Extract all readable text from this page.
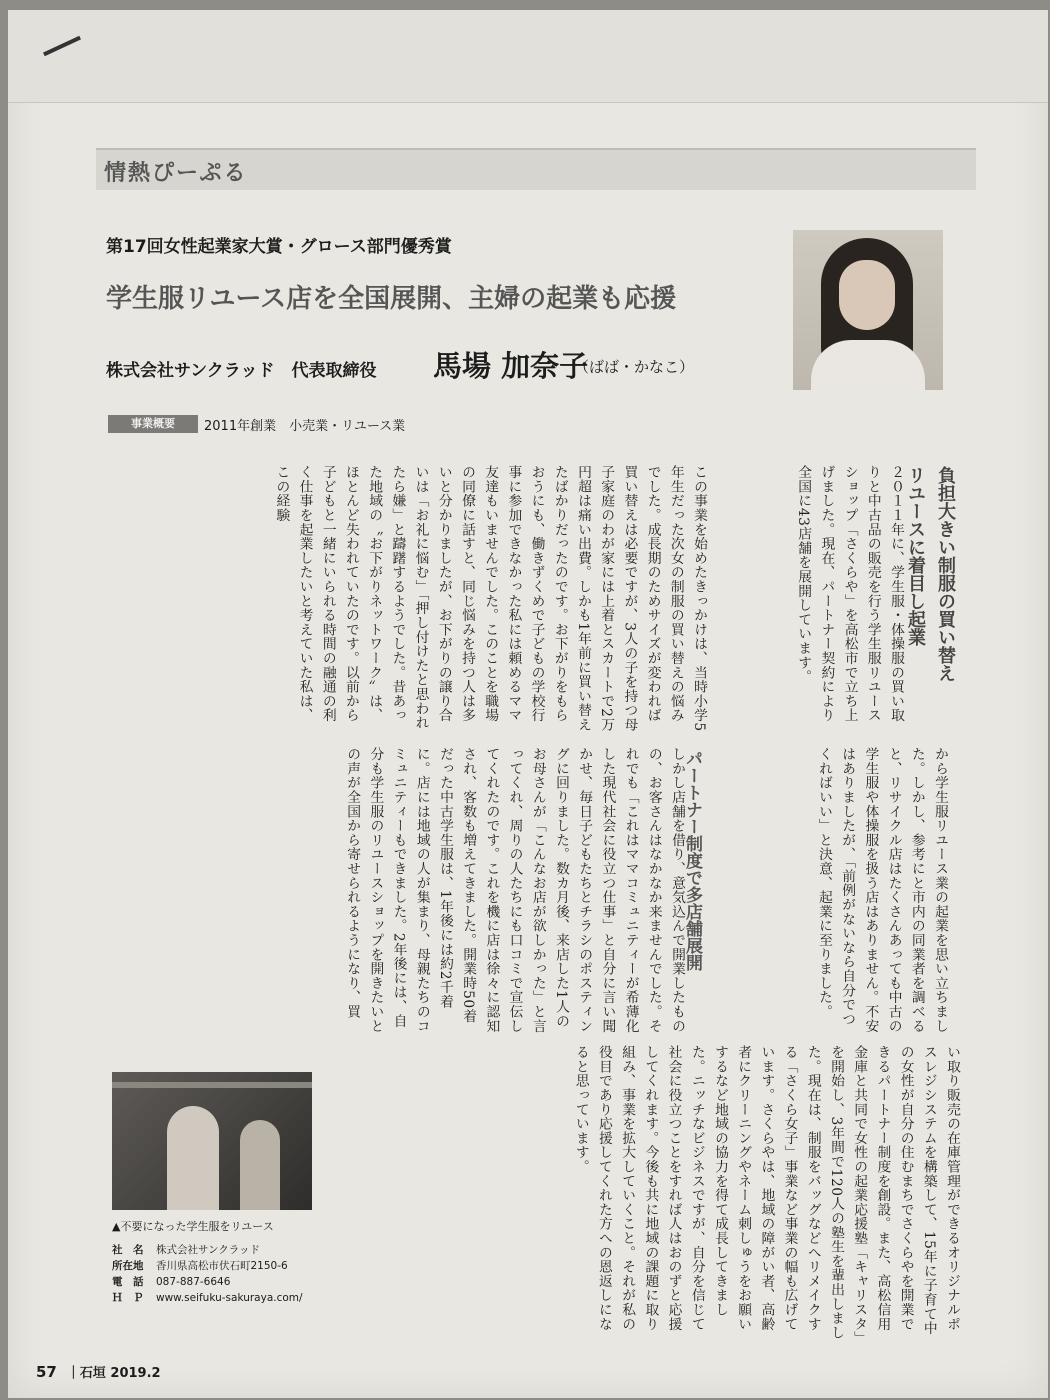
情熱ぴーぷる
第17回女性起業家大賞・グロース部門優秀賞
学生服リユース店を全国展開、主婦の起業も応援
株式会社サンクラッド　代表取締役 馬場 加奈子
（ばば・かなこ）
事業概要	2011年創業　小売業・リユース業
負担大きい制服の買い替え
リユースに着目し起業
２０１１年に、学生服・体操服の買い取りと中古品の販売を行う学生服リユースショップ「さくらや」を高松市で立ち上げました。現在、パートナー契約により全国に43店舗を展開しています。
この事業を始めたきっかけは、当時小学5年生だった次女の制服の買い替えの悩みでした。成長期のためサイズが変われば買い替えは必要ですが、3人の子を持つ母子家庭のわが家には上着とスカートで2万円超は痛い出費。しかも1年前に買い替えたばかりだったのです。お下がりをもらおうにも、働きずくめで子どもの学校行事に参加できなかった私には頼めるママ友達もいませんでした。このことを職場の同僚に話すと、同じ悩みを持つ人は多いと分かりましたが、お下がりの譲り合いは「お礼に悩む」「押し付けたと思われたら嫌」と躊躇するようでした。昔あった地域の〝お下がりネットワーク〟は、ほとんど失われていたのです。以前から子どもと一緒にいられる時間の融通の利く仕事を起業したいと考えていた私は、この経験
から学生服リユース業の起業を思い立ちました。しかし、参考にと市内の同業者を調べると、リサイクル店はたくさんあっても中古の学生服や体操服を扱う店はありません。不安はありましたが、「前例がないなら自分でつくればいい」と決意、起業に至りました。
パートナー制度で多店舗展開
しかし店舗を借り、意気込んで開業したものの、お客さんはなかなか来ませんでした。それでも「これはママコミュニティーが希薄化した現代社会に役立つ仕事」と自分に言い聞かせ、毎日子どもたちとチラシのポスティングに回りました。数カ月後、来店した1人のお母さんが「こんなお店が欲しかった」と言ってくれ、周りの人たちにも口コミで宣伝してくれたのです。これを機に店は徐々に認知され、客数も増えてきました。開業時50着だった中古学生服は、1年後には約2千着に。店には地域の人が集まり、母親たちのコミュニティーもできました。2年後には、自分も学生服のリユースショップを開きたいとの声が全国から寄せられるようになり、買
い取り販売の在庫管理ができるオリジナルポスレジシステムを構築して、15年に子育て中の女性が自分の住むまちでさくらやを開業できるパートナー制度を創設。また、高松信用金庫と共同で女性の起業応援塾「キャリスタ」を開始し、3年間で120人の塾生を輩出しました。現在は、制服をバッグなどへリメイクする「さくら女子」事業など事業の幅も広げています。さくらやは、地域の障がい者、高齢者にクリーニングやネーム刺しゅうをお願いするなど地域の協力を得て成長してきました。ニッチなビジネスですが、自分を信じて社会に役立つことをすれば人はおのずと応援してくれます。今後も共に地域の課題に取り組み、事業を拡大していくこと。それが私の役目であり応援してくれた方への恩返しになると思っています。
▲不要になった学生服をリユース
社　名	株式会社サンクラッド
所在地	香川県高松市伏石町2150-6
電　話	087-887-6646
Ｈ　Ｐ	www.seifuku-sakuraya.com/
57 ｜石垣 2019.2
